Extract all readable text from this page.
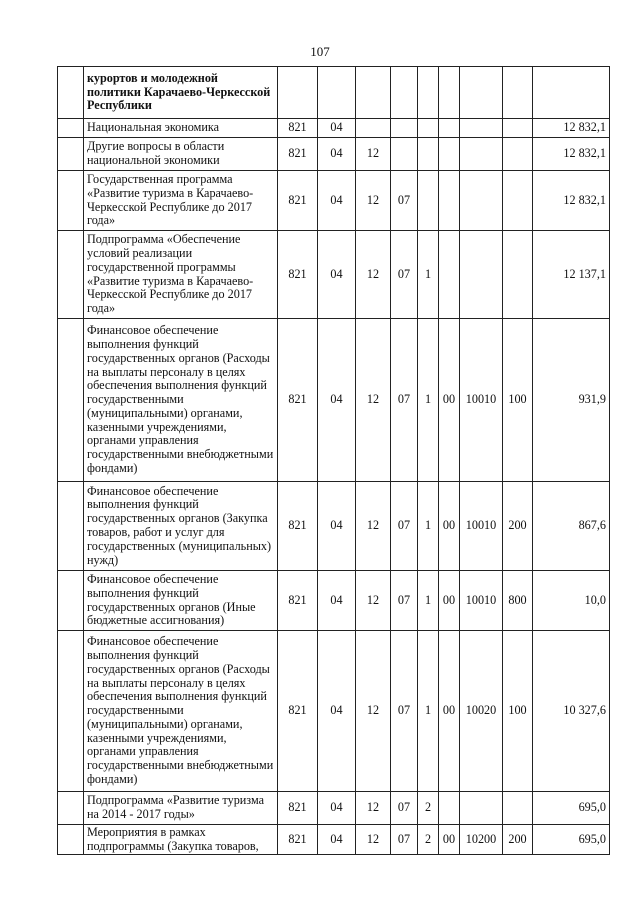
107
	курортов и молодежной политики Карачаево-Черкесской Республики									
	Национальная экономика	821	04							12 832,1
	Другие вопросы в области национальной экономики	821	04	12						12 832,1
	Государственная программа «Развитие туризма в Карачаево-Черкесской Республике до 2017 года»	821	04	12	07					12 832,1
	Подпрограмма «Обеспечение условий реализации государственной программы «Развитие туризма в Карачаево-Черкесской Республике до 2017 года»	821	04	12	07	1				12 137,1
	Финансовое обеспечение выполнения функций государственных органов (Расходы на выплаты персоналу в целях обеспечения выполнения функций государственными (муниципальными) органами, казенными учреждениями, органами управления государственными внебюджетными фондами)	821	04	12	07	1	00	10010	100	931,9
	Финансовое обеспечение выполнения функций государственных органов (Закупка товаров, работ и услуг для государственных (муниципальных) нужд)	821	04	12	07	1	00	10010	200	867,6
	Финансовое обеспечение выполнения функций государственных органов (Иные бюджетные ассигнования)	821	04	12	07	1	00	10010	800	10,0
	Финансовое обеспечение выполнения функций государственных органов (Расходы на выплаты персоналу в целях обеспечения выполнения функций государственными (муниципальными) органами, казенными учреждениями, органами управления государственными внебюджетными фондами)	821	04	12	07	1	00	10020	100	10 327,6
	Подпрограмма «Развитие туризма на 2014 - 2017 годы»	821	04	12	07	2				695,0
	Мероприятия в рамках подпрограммы (Закупка товаров,	821	04	12	07	2	00	10200	200	695,0
